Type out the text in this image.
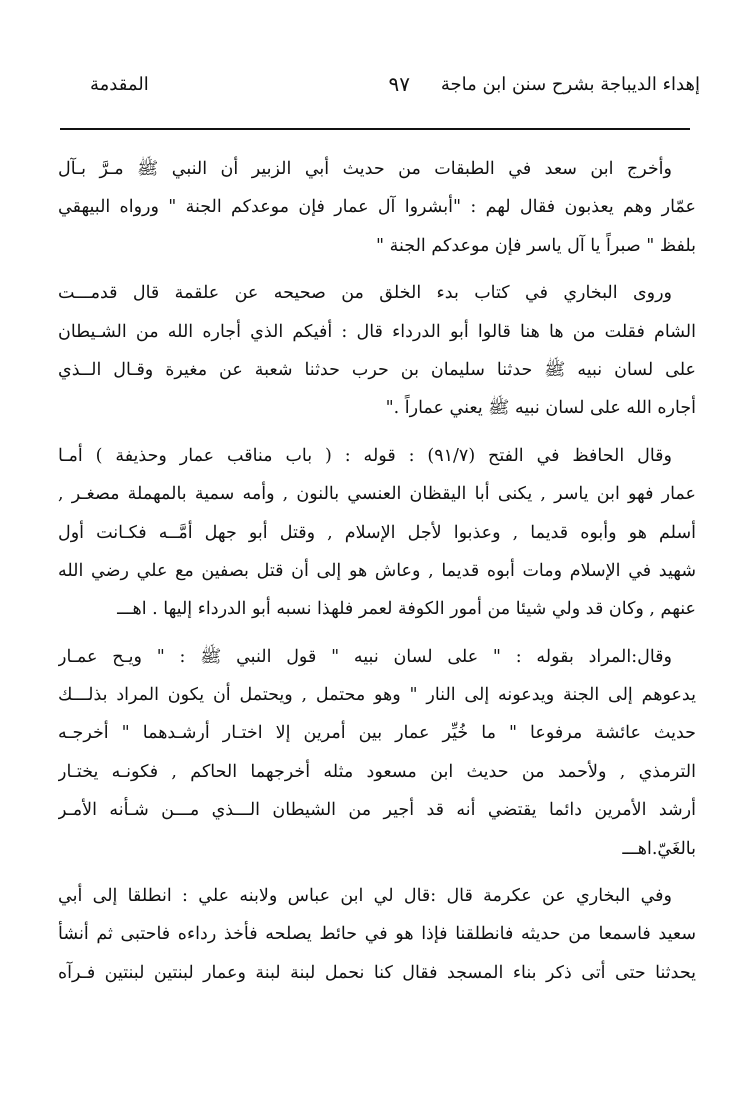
إهداء الديباجة بشرح سنن ابن ماجة
٩٧
المقدمة
وأخرج ابن سعد في الطبقات من حديث أبي الزبير أن النبي ﷺ مـرَّ بـآل
عمّار وهم يعذبون فقال لهم : "أبشروا آل عمار فإن موعدكم الجنة " ورواه البيهقي
بلفظ " صبراً يا آل ياسر فإن موعدكم الجنة "
وروى البخاري في كتاب بدء الخلق من صحيحه عن علقمة قال قدمـــت
الشام فقلت من ها هنا قالوا أبو الدرداء قال : أفيكم الذي أجاره الله من الشـيطان
على لسان نبيه ﷺ حدثنا سليمان بن حرب حدثنا شعبة عن مغيرة وقـال الــذي
أجاره الله على لسان نبيه ﷺ يعني عماراً ."
وقال الحافظ في الفتح (٩١/٧) : قوله : ( باب مناقب عمار وحذيفة ) أمـا
عمار فهو ابن ياسر , يكنى أبا اليقظان العنسي بالنون , وأمه سمية بالمهملة مصغـر ,
أسلم هو وأبوه قديما , وعذبوا لأجل الإسلام , وقتل أبو جهل أمَّــه فكـانت أول
شهيد في الإسلام ومات أبوه قديما , وعاش هو إلى أن قتل بصفين مع علي رضي الله
عنهم , وكان قد ولي شيئا من أمور الكوفة لعمر فلهذا نسبه أبو الدرداء إليها . اهـــ
وقال:المراد بقوله : " على لسان نبيه " قول النبي ﷺ : " ويـح عمـار
يدعوهم إلى الجنة ويدعونه إلى النار " وهو محتمل , ويحتمل أن يكون المراد بذلـــك
حديث عائشة مرفوعا " ما خُيِّر عمار بين أمرين إلا اختـار أرشـدهما " أخرجـه
الترمذي , ولأحمد من حديث ابن مسعود مثله أخرجهما الحاكم , فكونـه يختـار
أرشد الأمرين دائما يقتضي أنه قد أجير من الشيطان الـــذي مـــن شـأنه الأمـر
بالغَيّ.اهـــ
وفي البخاري عن عكرمة قال :قال لي ابن عباس ولابنه علي : انطلقا إلى أبي
سعيد فاسمعا من حديثه فانطلقنا فإذا هو في حائط يصلحه فأخذ رداءه فاحتبى ثم أنشأ
يحدثنا حتى أتى ذكر بناء المسجد فقال كنا نحمل لبنة لبنة وعمار لبنتين لبنتين فـرآه
